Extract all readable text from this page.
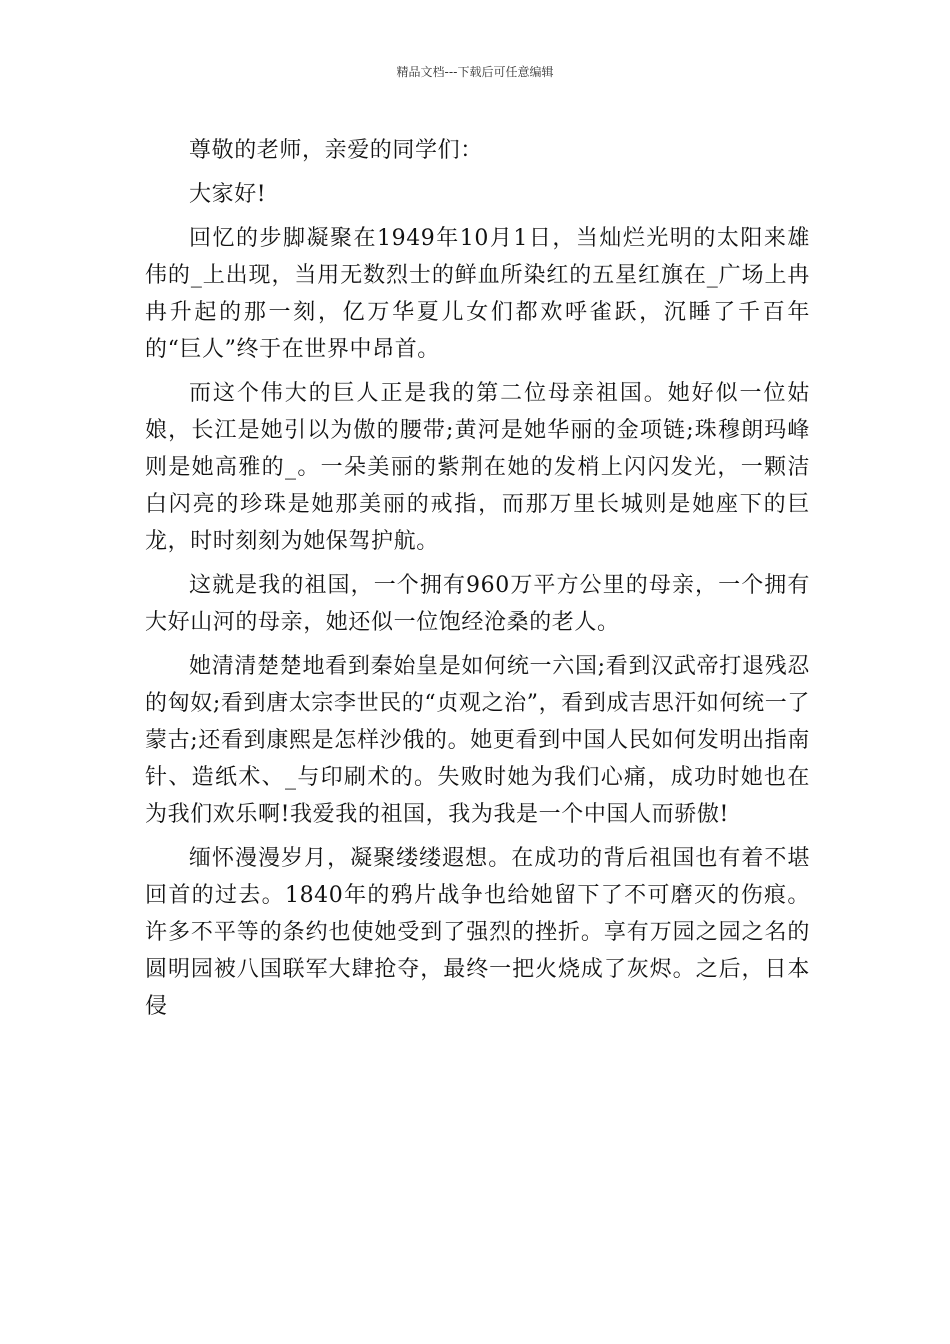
精品文档---下载后可任意编辑

尊敬的老师，亲爱的同学们：

大家好!

回忆的步脚凝聚在1949年10月1日，当灿烂光明的太阳来雄伟的_上出现，当用无数烈士的鲜血所染红的五星红旗在_广场上冉冉升起的那一刻，亿万华夏儿女们都欢呼雀跃，沉睡了千百年的“巨人”终于在世界中昂首。

而这个伟大的巨人正是我的第二位母亲祖国。她好似一位姑娘，长江是她引以为傲的腰带;黄河是她华丽的金项链;珠穆朗玛峰则是她高雅的_。一朵美丽的紫荆在她的发梢上闪闪发光，一颗洁白闪亮的珍珠是她那美丽的戒指，而那万里长城则是她座下的巨龙，时时刻刻为她保驾护航。

这就是我的祖国，一个拥有960万平方公里的母亲，一个拥有大好山河的母亲，她还似一位饱经沧桑的老人。

她清清楚楚地看到秦始皇是如何统一六国;看到汉武帝打退残忍的匈奴;看到唐太宗李世民的“贞观之治”，看到成吉思汗如何统一了蒙古;还看到康熙是怎样沙俄的。她更看到中国人民如何发明出指南针、造纸术、_与印刷术的。失败时她为我们心痛，成功时她也在为我们欢乐啊!我爱我的祖国，我为我是一个中国人而骄傲!

缅怀漫漫岁月，凝聚缕缕遐想。在成功的背后祖国也有着不堪回首的过去。1840年的鸦片战争也给她留下了不可磨灭的伤痕。许多不平等的条约也使她受到了强烈的挫折。享有万园之园之名的圆明园被八国联军大肆抢夺，最终一把火烧成了灰烬。之后，日本侵
